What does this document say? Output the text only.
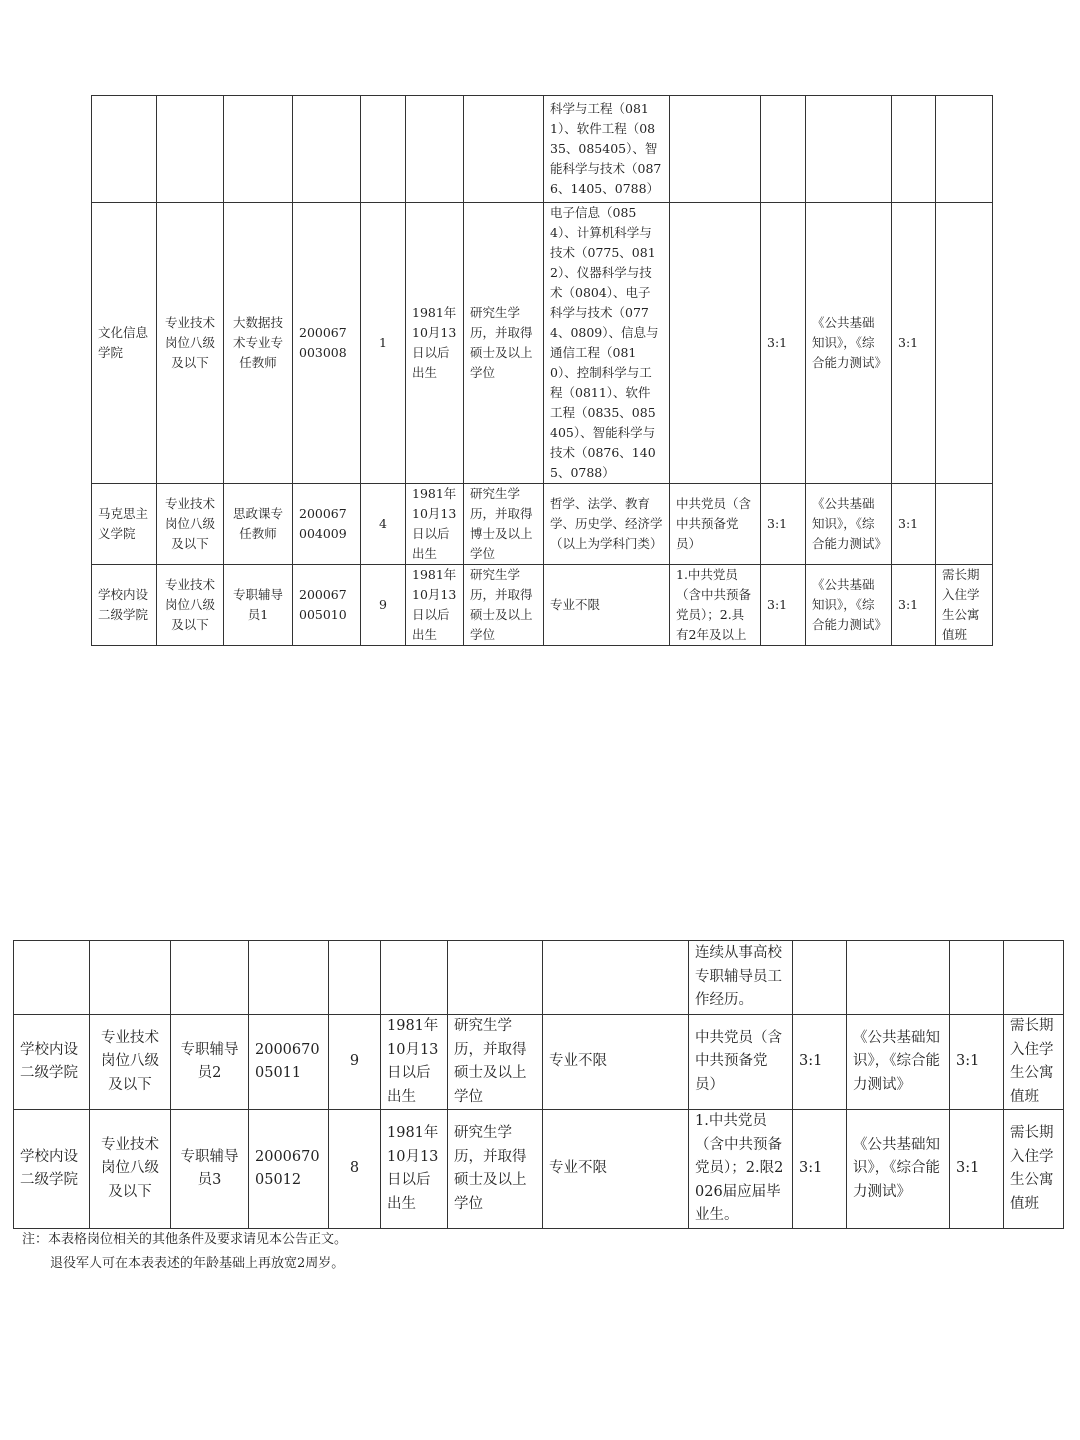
							科学与工程（0811）、软件工程（0835、085405）、智能科学与技术（0876、1405、0788）					
文化信息学院	专业技术岗位八级及以下	大数据技术专业专任教师	200067003008	1	1981年10月13日以后出生	研究生学历，并取得硕士及以上学位	电子信息（0854）、计算机科学与技术（0775、0812）、仪器科学与技术（0804）、电子科学与技术（0774、0809）、信息与通信工程（0810）、控制科学与工程（0811）、软件工程（0835、085405）、智能科学与技术（0876、1405、0788）		3:1	《公共基础知识》，《综合能力测试》	3:1	
马克思主义学院	专业技术岗位八级及以下	思政课专任教师	200067004009	4	1981年10月13日以后出生	研究生学历，并取得博士及以上学位	哲学、法学、教育学、历史学、经济学（以上为学科门类）	中共党员（含中共预备党员）	3:1	《公共基础知识》，《综合能力测试》	3:1	
学校内设二级学院	专业技术岗位八级及以下	专职辅导员1	200067005010	9	1981年10月13日以后出生	研究生学历，并取得硕士及以上学位	专业不限	1.中共党员（含中共预备党员）；2.具有2年及以上	3:1	《公共基础知识》，《综合能力测试》	3:1	需长期入住学生公寓值班
								连续从事高校专职辅导员工作经历。				
学校内设二级学院	专业技术岗位八级及以下	专职辅导员2	200067005011	9	1981年10月13日以后出生	研究生学历，并取得硕士及以上学位	专业不限	中共党员（含中共预备党员）	3:1	《公共基础知识》，《综合能力测试》	3:1	需长期入住学生公寓值班
学校内设二级学院	专业技术岗位八级及以下	专职辅导员3	200067005012	8	1981年10月13日以后出生	研究生学历，并取得硕士及以上学位	专业不限	1.中共党员（含中共预备党员）；2.限2026届应届毕业生。	3:1	《公共基础知识》，《综合能力测试》	3:1	需长期入住学生公寓值班
注：本表格岗位相关的其他条件及要求请见本公告正文。
退役军人可在本表表述的年龄基础上再放宽2周岁。
